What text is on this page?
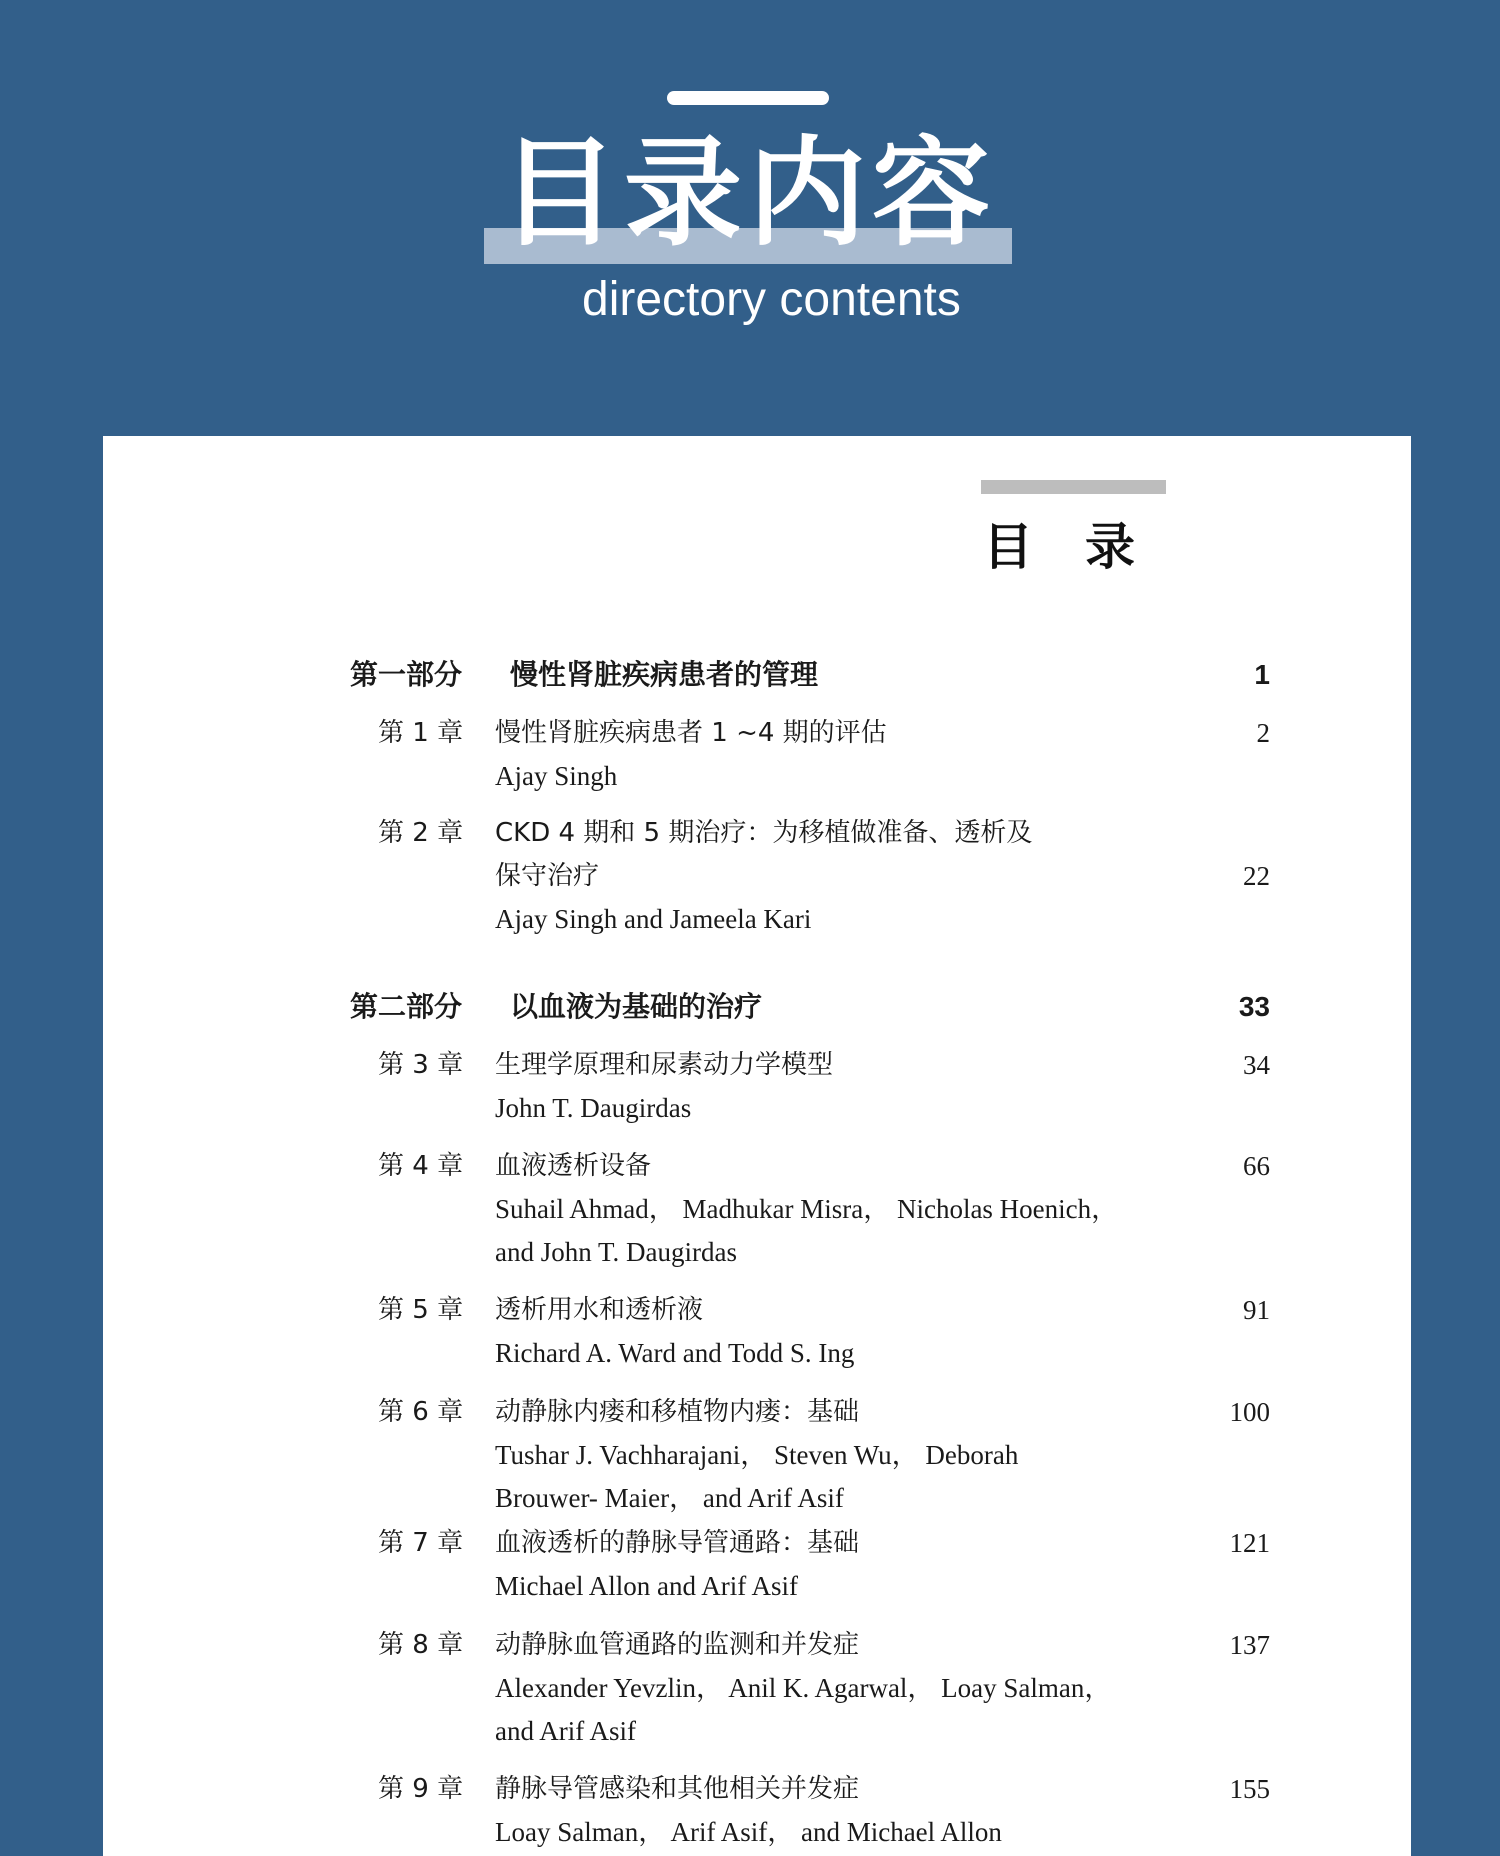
目录内容
directory contents
目录
第一部分 慢性肾脏疾病患者的管理	1
第 1 章	慢性肾脏疾病患者 1 ~4 期的评估	2
Ajay Singh
第 2 章	CKD 4 期和 5 期治疗：为移植做准备、透析及
保守治疗	22
Ajay Singh and Jameela Kari
第二部分 以血液为基础的治疗	33
第 3 章	生理学原理和尿素动力学模型	34
John T. Daugirdas
第 4 章	血液透析设备	66
Suhail Ahmad， Madhukar Misra， Nicholas Hoenich，
and John T. Daugirdas
第 5 章	透析用水和透析液	91
Richard A. Ward and Todd S. Ing
第 6 章	动静脉内瘘和移植物内瘘：基础	100
Tushar J. Vachharajani， Steven Wu， Deborah
Brouwer- Maier， and Arif Asif
第 7 章	血液透析的静脉导管通路：基础	121
Michael Allon and Arif Asif
第 8 章	动静脉血管通路的监测和并发症	137
Alexander Yevzlin， Anil K. Agarwal， Loay Salman，
and Arif Asif
第 9 章	静脉导管感染和其他相关并发症	155
Loay Salman， Arif Asif， and Michael Allon
